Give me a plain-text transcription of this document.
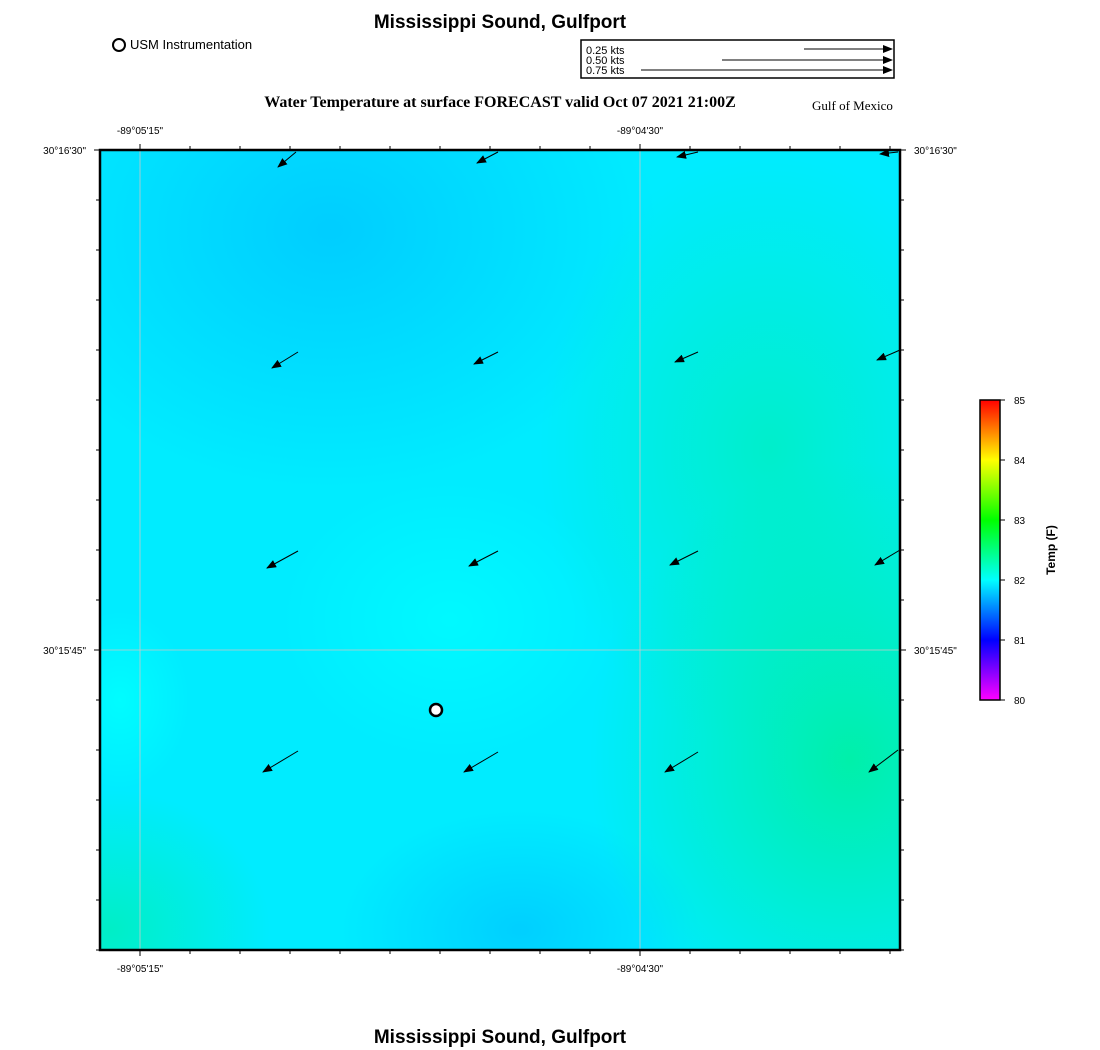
Mississippi Sound, Gulfport
USM Instrumentation
Water Temperature at surface FORECAST valid Oct 07 2021 21:00Z	Gulf of Mexico
0.25 kts
0.50 kts
0.75 kts
-89°05'15"	-89°04'30"
-89°05'15"	-89°04'30"
30°16'30"
30°15'45"
30°16'30"
30°15'45"
85
84
83
82
81
80
Temp (F)
Mississippi Sound, Gulfport
